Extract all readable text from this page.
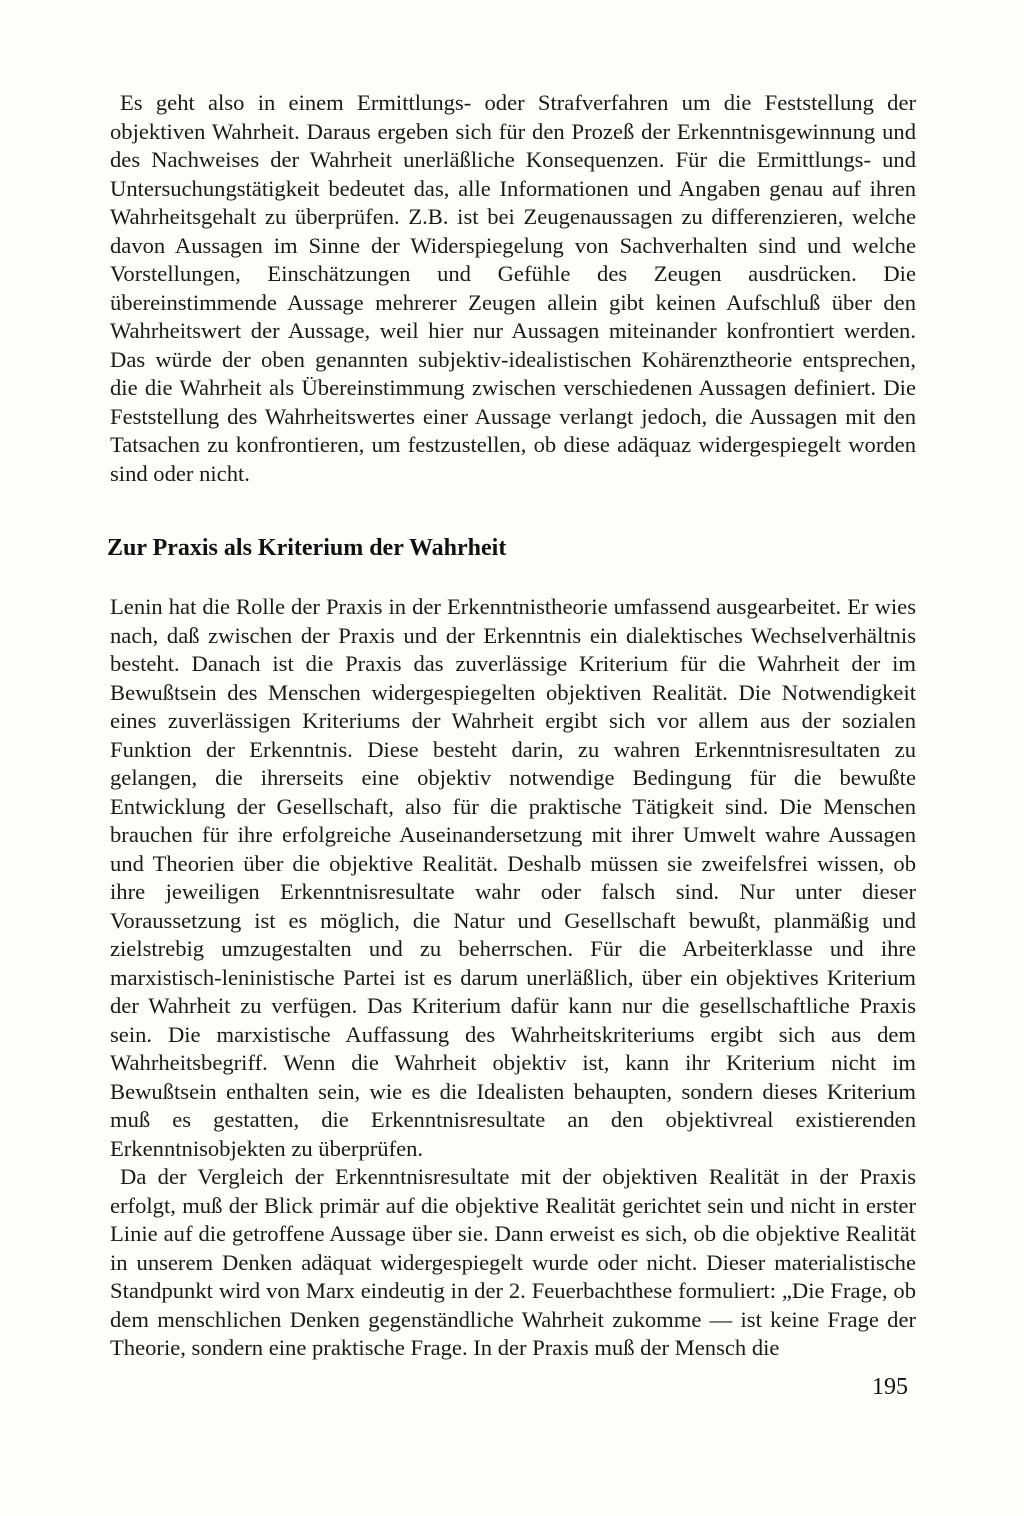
Es geht also in einem Ermittlungs- oder Strafverfahren um die Feststellung der objektiven Wahrheit. Daraus ergeben sich für den Prozeß der Erkenntnisgewinnung und des Nachweises der Wahrheit unerläßliche Konsequenzen. Für die Ermittlungs- und Untersuchungstätigkeit bedeutet das, alle Informationen und Angaben genau auf ihren Wahrheitsgehalt zu überprüfen. Z.B. ist bei Zeugenaussagen zu differenzieren, welche davon Aussagen im Sinne der Widerspiegelung von Sachverhalten sind und welche Vorstellungen, Einschätzungen und Gefühle des Zeugen ausdrücken. Die übereinstimmende Aussage mehrerer Zeugen allein gibt keinen Aufschluß über den Wahrheitswert der Aussage, weil hier nur Aussagen miteinander konfrontiert werden. Das würde der oben genannten subjektiv-idealistischen Kohärenztheorie entsprechen, die die Wahrheit als Übereinstimmung zwischen verschiedenen Aussagen definiert. Die Feststellung des Wahrheitswertes einer Aussage verlangt jedoch, die Aussagen mit den Tatsachen zu konfrontieren, um festzustellen, ob diese adäquaz widergespiegelt worden sind oder nicht.

Zur Praxis als Kriterium der Wahrheit

Lenin hat die Rolle der Praxis in der Erkenntnistheorie umfassend ausgearbeitet. Er wies nach, daß zwischen der Praxis und der Erkenntnis ein dialektisches Wechselverhältnis besteht. Danach ist die Praxis das zuverlässige Kriterium für die Wahrheit der im Bewußtsein des Menschen widergespiegelten objektiven Realität. Die Notwendigkeit eines zuverlässigen Kriteriums der Wahrheit ergibt sich vor allem aus der sozialen Funktion der Erkenntnis. Diese besteht darin, zu wahren Erkenntnisresultaten zu gelangen, die ihrerseits eine objektiv notwendige Bedingung für die bewußte Entwicklung der Gesellschaft, also für die praktische Tätigkeit sind. Die Menschen brauchen für ihre erfolgreiche Auseinandersetzung mit ihrer Umwelt wahre Aussagen und Theorien über die objektive Realität. Deshalb müssen sie zweifelsfrei wissen, ob ihre jeweiligen Erkenntnisresultate wahr oder falsch sind. Nur unter dieser Voraussetzung ist es möglich, die Natur und Gesellschaft bewußt, planmäßig und zielstrebig umzugestalten und zu beherrschen. Für die Arbeiterklasse und ihre marxistisch-leninistische Partei ist es darum unerläßlich, über ein objektives Kriterium der Wahrheit zu verfügen. Das Kriterium dafür kann nur die gesellschaftliche Praxis sein. Die marxistische Auffassung des Wahrheitskriteriums ergibt sich aus dem Wahrheitsbegriff. Wenn die Wahrheit objektiv ist, kann ihr Kriterium nicht im Bewußtsein enthalten sein, wie es die Idealisten behaupten, sondern dieses Kriterium muß es gestatten, die Erkenntnisresultate an den objektivreal existierenden Erkenntnisobjekten zu überprüfen.

Da der Vergleich der Erkenntnisresultate mit der objektiven Realität in der Praxis erfolgt, muß der Blick primär auf die objektive Realität gerichtet sein und nicht in erster Linie auf die getroffene Aussage über sie. Dann erweist es sich, ob die objektive Realität in unserem Denken adäquat widergespiegelt wurde oder nicht. Dieser materialistische Standpunkt wird von Marx eindeutig in der 2. Feuerbachthese formuliert: „Die Frage, ob dem menschlichen Denken gegenständliche Wahrheit zukomme — ist keine Frage der Theorie, sondern eine praktische Frage. In der Praxis muß der Mensch die

195
